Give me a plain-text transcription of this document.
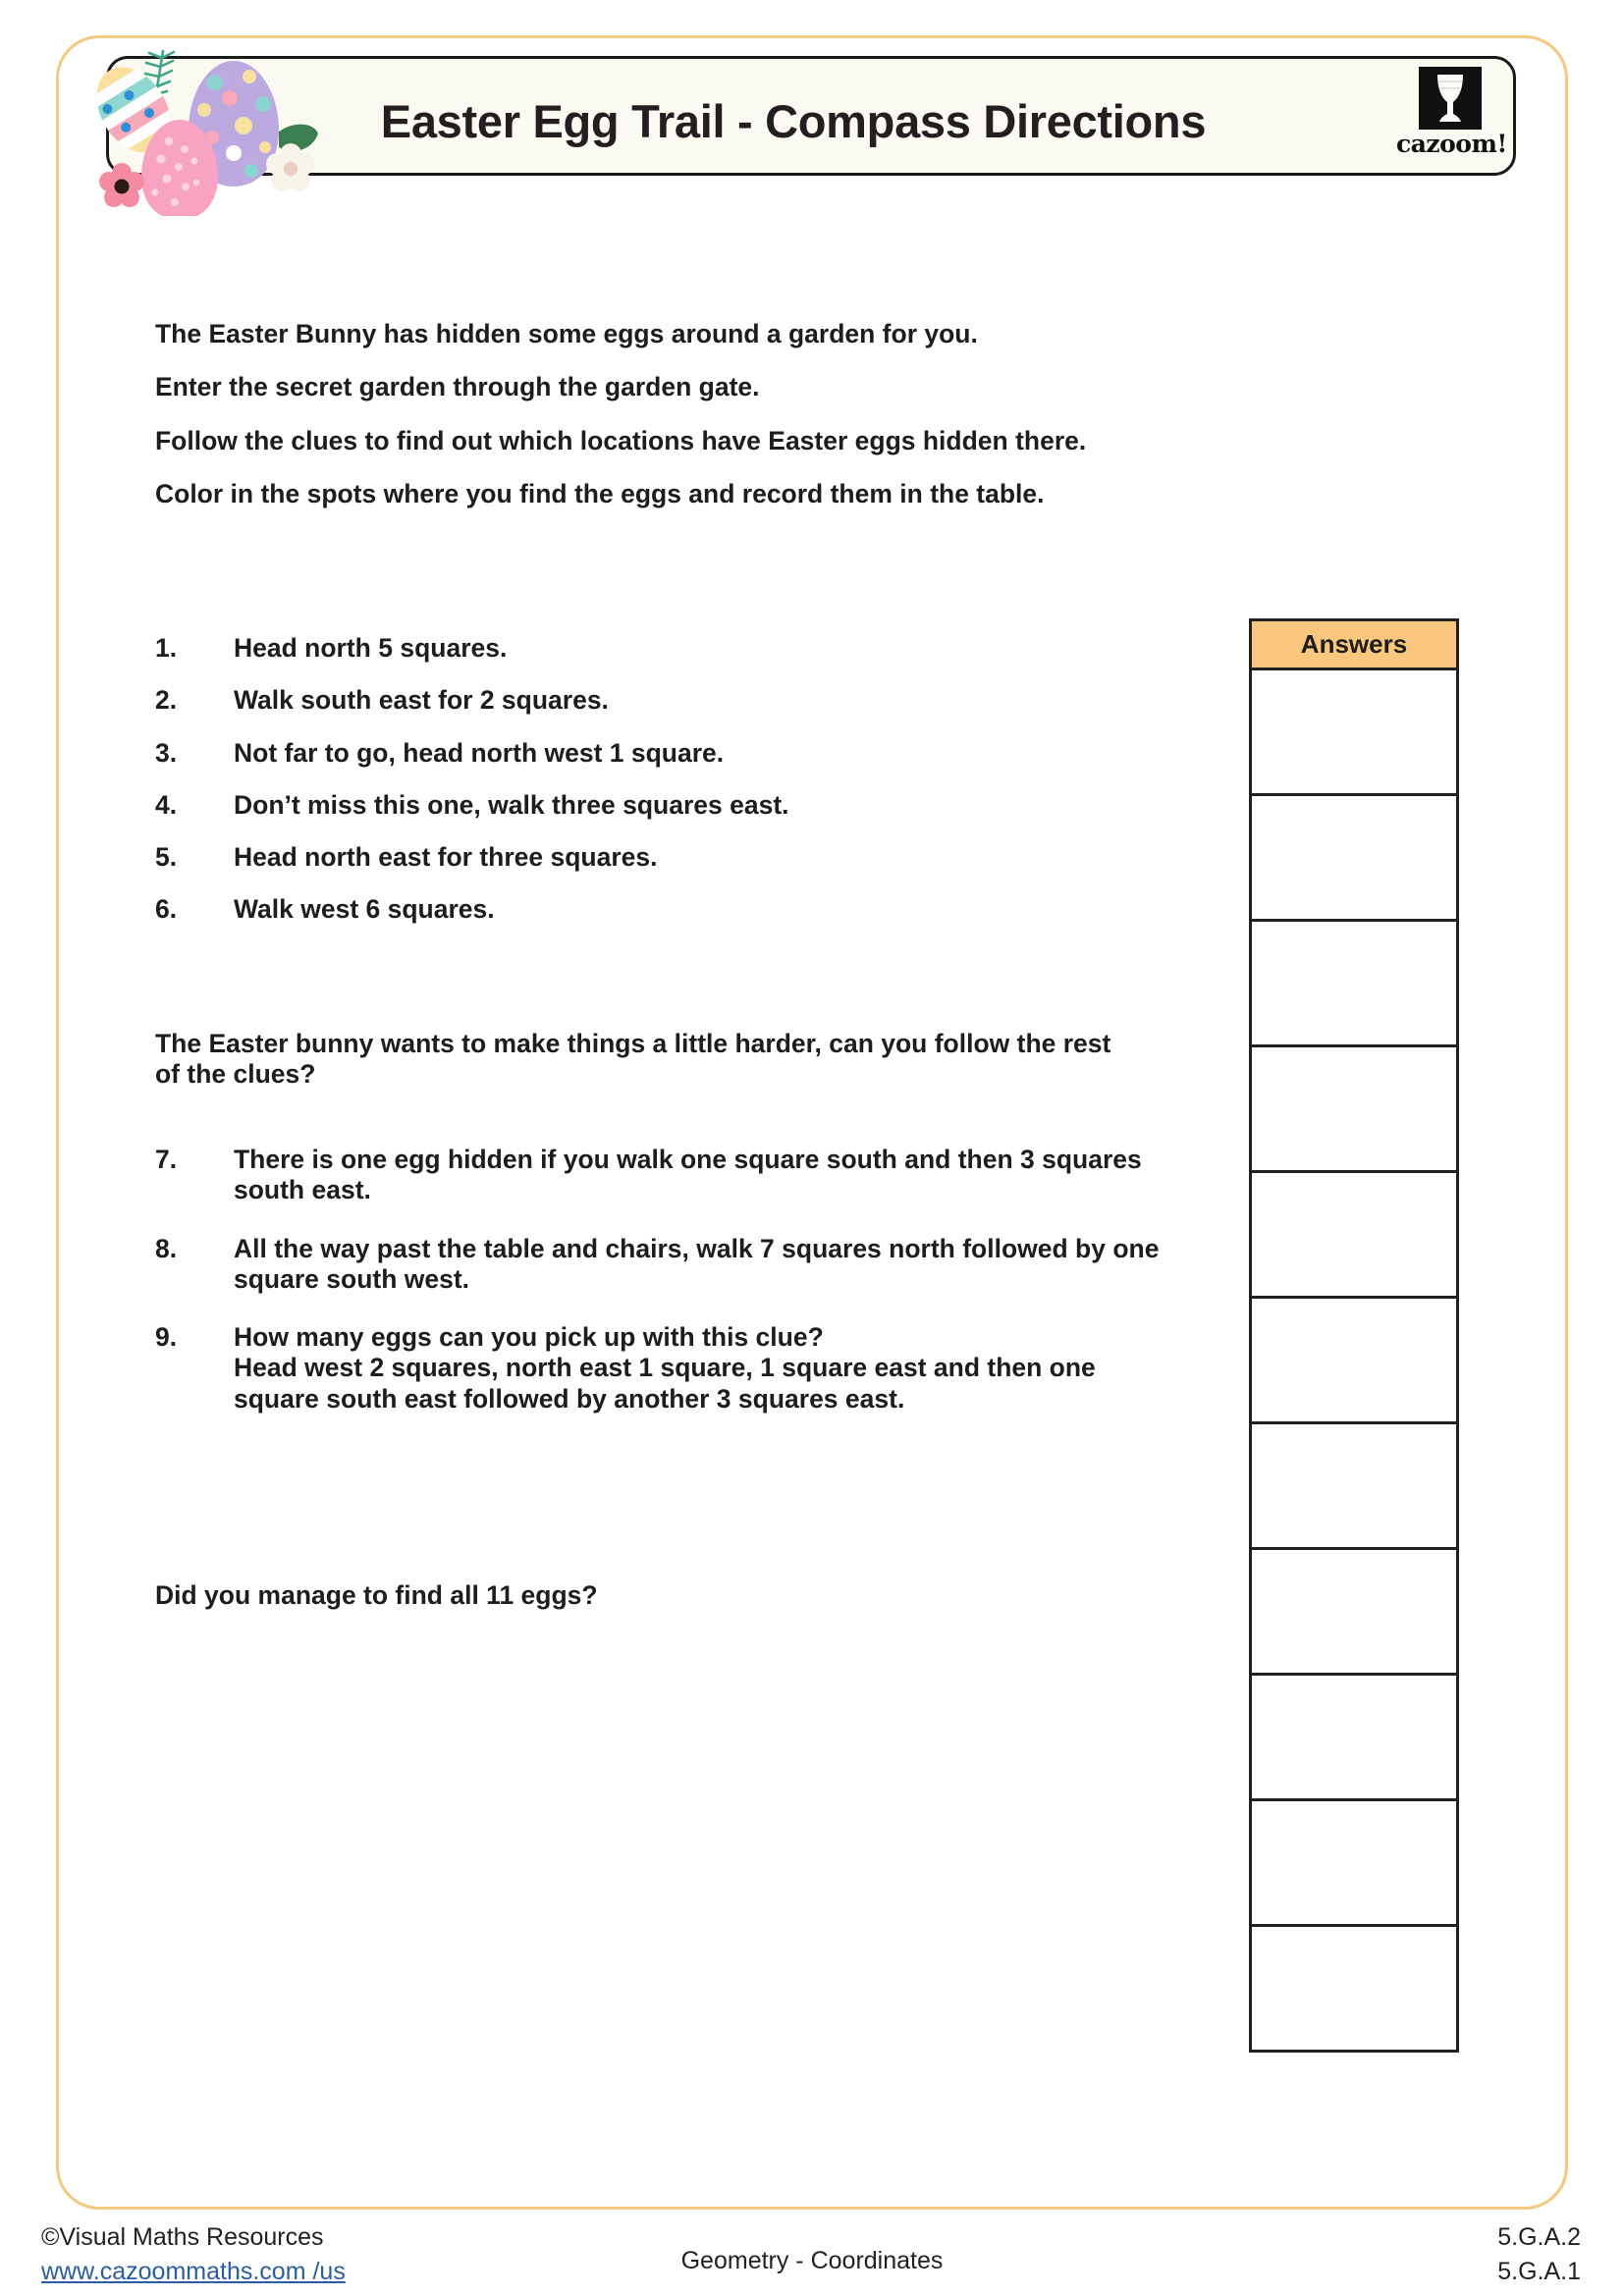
Easter Egg Trail - Compass Directions	cazoom!

The Easter Bunny has hidden some eggs around a garden for you.

Enter the secret garden through the garden gate.

Follow the clues to find out which locations have Easter eggs hidden there.

Color in the spots where you find the eggs and record them in the table.

1.	Head north 5 squares.
2.	Walk south east for 2 squares.
3.	Not far to go, head north west 1 square.
4.	Don’t miss this one, walk three squares east.
5.	Head north east for three squares.
6.	Walk west 6 squares.
The Easter bunny wants to make things a little harder, can you follow the rest of the clues?
7.	There is one egg hidden if you walk one square south and then 3 squares south east.
8.	All the way past the table and chairs, walk 7 squares north followed by one square south west.
9.	How many eggs can you pick up with this clue?
Head west 2 squares, north east 1 square, 1 square east and then one square south east followed by another 3 squares east.
Did you manage to find all 11 eggs?
Answers

©Visual Maths Resources
www.cazoommaths.com /us	Geometry - Coordinates
5.G.A.2
5.G.A.1
